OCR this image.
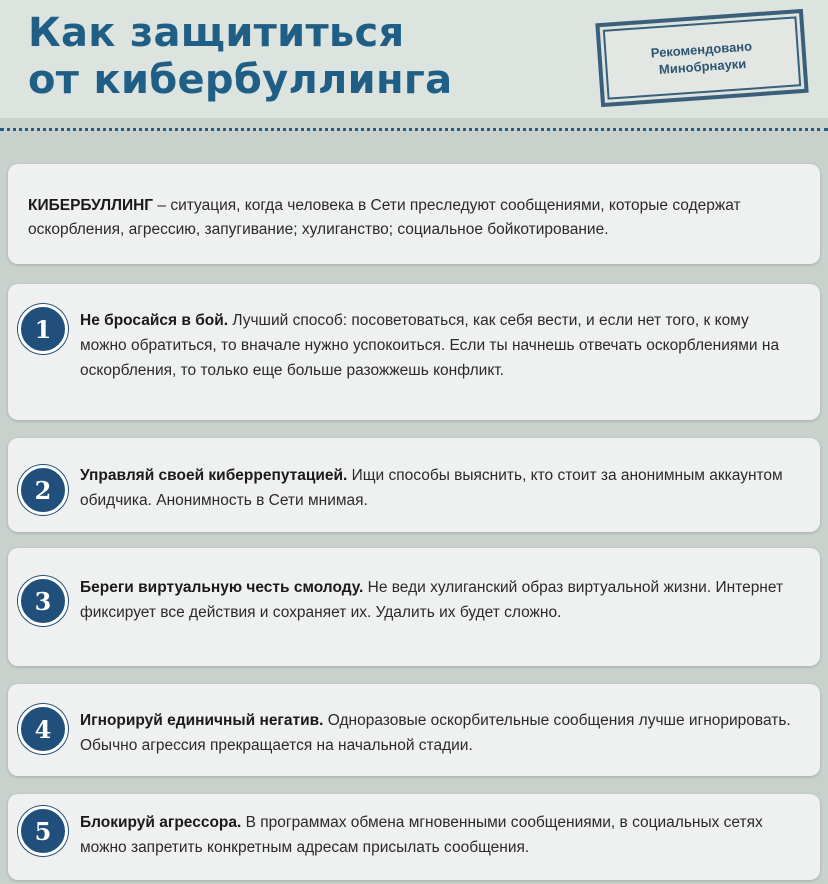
Как защититься
от кибербуллинга
Рекомендовано
Минобрнауки
КИБЕРБУЛЛИНГ – ситуация, когда человека в Сети преследуют сообщениями, которые содержат оскорбления, агрессию, запугивание; хулиганство; социальное бойкотирование.
1	Не бросайся в бой. Лучший способ: посоветоваться, как себя вести, и если нет того, к кому можно обратиться, то вначале нужно успокоиться. Если ты начнешь отвечать оскорблениями на оскорбления, то только еще больше разожжешь конфликт.
2	Управляй своей киберрепутацией. Ищи способы выяснить, кто стоит за анонимным аккаунтом обидчика. Анонимность в Сети мнимая.
3	Береги виртуальную честь смолоду. Не веди хулиганский образ виртуальной жизни. Интернет фиксирует все действия и сохраняет их. Удалить их будет сложно.
4	Игнорируй единичный негатив. Одноразовые оскорбительные сообщения лучше игнорировать. Обычно агрессия прекращается на начальной стадии.
5	Блокируй агрессора. В программах обмена мгновенными сообщениями, в социальных сетях можно запретить конкретным адресам присылать сообщения.
